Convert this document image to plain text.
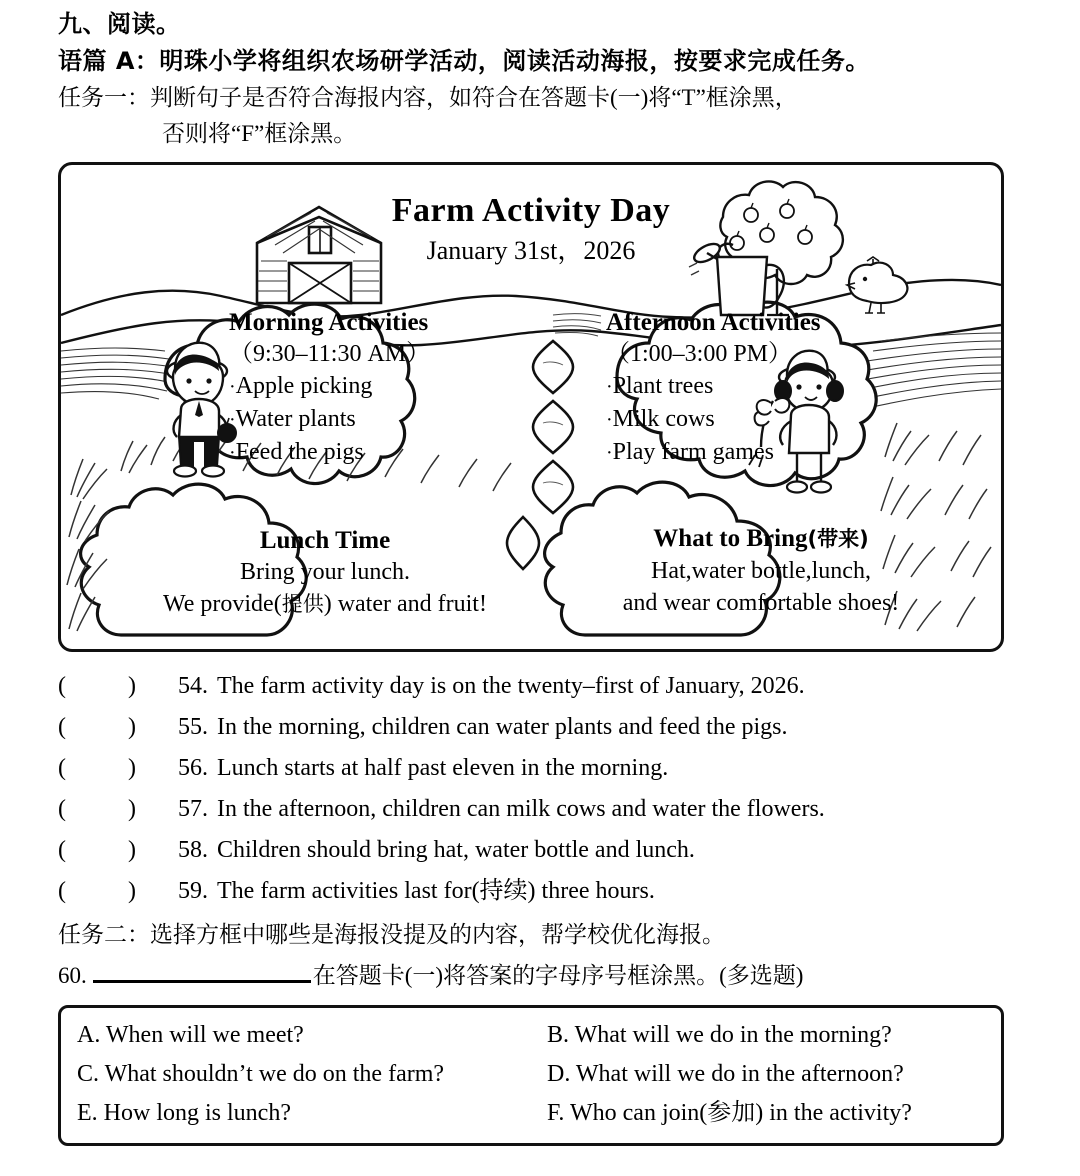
九、阅读。
语篇 A：明珠小学将组织农场研学活动，阅读活动海报，按要求完成任务。
任务一：判断句子是否符合海报内容，如符合在答题卡(一)将“T”框涂黑，
否则将“F”框涂黑。
Farm Activity Day
January 31st，2026
Morning Activities
（9:30–11:30 AM）
·Apple picking
·Water plants
·Feed the pigs
Afternoon Activities
（1:00–3:00 PM）
·Plant trees
·Milk cows
·Play farm games
Lunch Time
Bring your lunch.
We provide(提供) water and fruit!
What to Bring(带来)
Hat,water bottle,lunch,
and wear comfortable shoes!
(	)	54. The farm activity day is on the twenty–first of January, 2026.
(	)	55. In the morning, children can water plants and feed the pigs.
(	)	56. Lunch starts at half past eleven in the morning.
(	)	57. In the afternoon, children can milk cows and water the flowers.
(	)	58. Children should bring hat, water bottle and lunch.
(	)	59. The farm activities last for(持续) three hours.
任务二：选择方框中哪些是海报没提及的内容，帮学校优化海报。
60.	在答题卡(一)将答案的字母序号框涂黑。(多选题)
A. When will we meet?	B. What will we do in the morning?
C. What shouldn’t we do on the farm?	D. What will we do in the afternoon?
E. How long is lunch?	F. Who can join(参加) in the activity?
